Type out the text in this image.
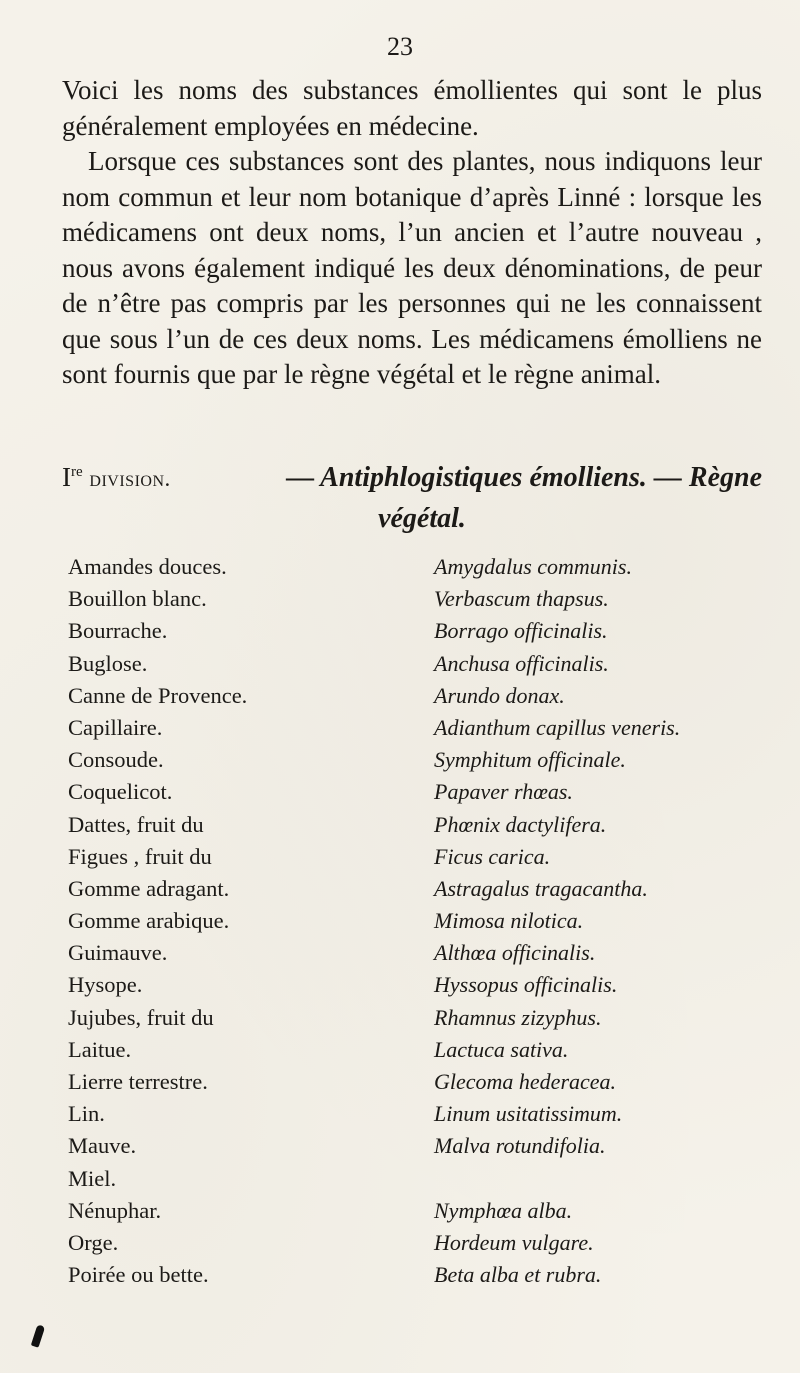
23

Voici les noms des substances émollientes qui sont le plus
généralement employées en médecine.

Lorsque ces substances sont des plantes, nous indiquons leur nom commun et leur nom botanique d’après Linné : lorsque les médicamens ont deux noms, l’un ancien et l’autre nouveau , nous avons également indiqué les deux dénominations, de peur de n’être pas compris par les personnes qui ne les connaissent que sous l’un de ces deux noms. Les médicamens émolliens ne sont fournis que par le règne végétal et le règne animal.

Ire division.	— Antiphlogistiques émolliens. — Règne
végétal.
Amandes douces.	Amygdalus communis.
Bouillon blanc.	Verbascum thapsus.
Bourrache.	Borrago officinalis.
Buglose.	Anchusa officinalis.
Canne de Provence.	Arundo donax.
Capillaire.	Adianthum capillus veneris.
Consoude.	Symphitum officinale.
Coquelicot.	Papaver rhœas.
Dattes, fruit du	Phœnix dactylifera.
Figues , fruit du	Ficus carica.
Gomme adragant.	Astragalus tragacantha.
Gomme arabique.	Mimosa nilotica.
Guimauve.	Althœa officinalis.
Hysope.	Hyssopus officinalis.
Jujubes, fruit du	Rhamnus zizyphus.
Laitue.	Lactuca sativa.
Lierre terrestre.	Glecoma hederacea.
Lin.	Linum usitatissimum.
Mauve.	Malva rotundifolia.
Miel.
Nénuphar.	Nymphœa alba.
Orge.	Hordeum vulgare.
Poirée ou bette.	Beta alba et rubra.
